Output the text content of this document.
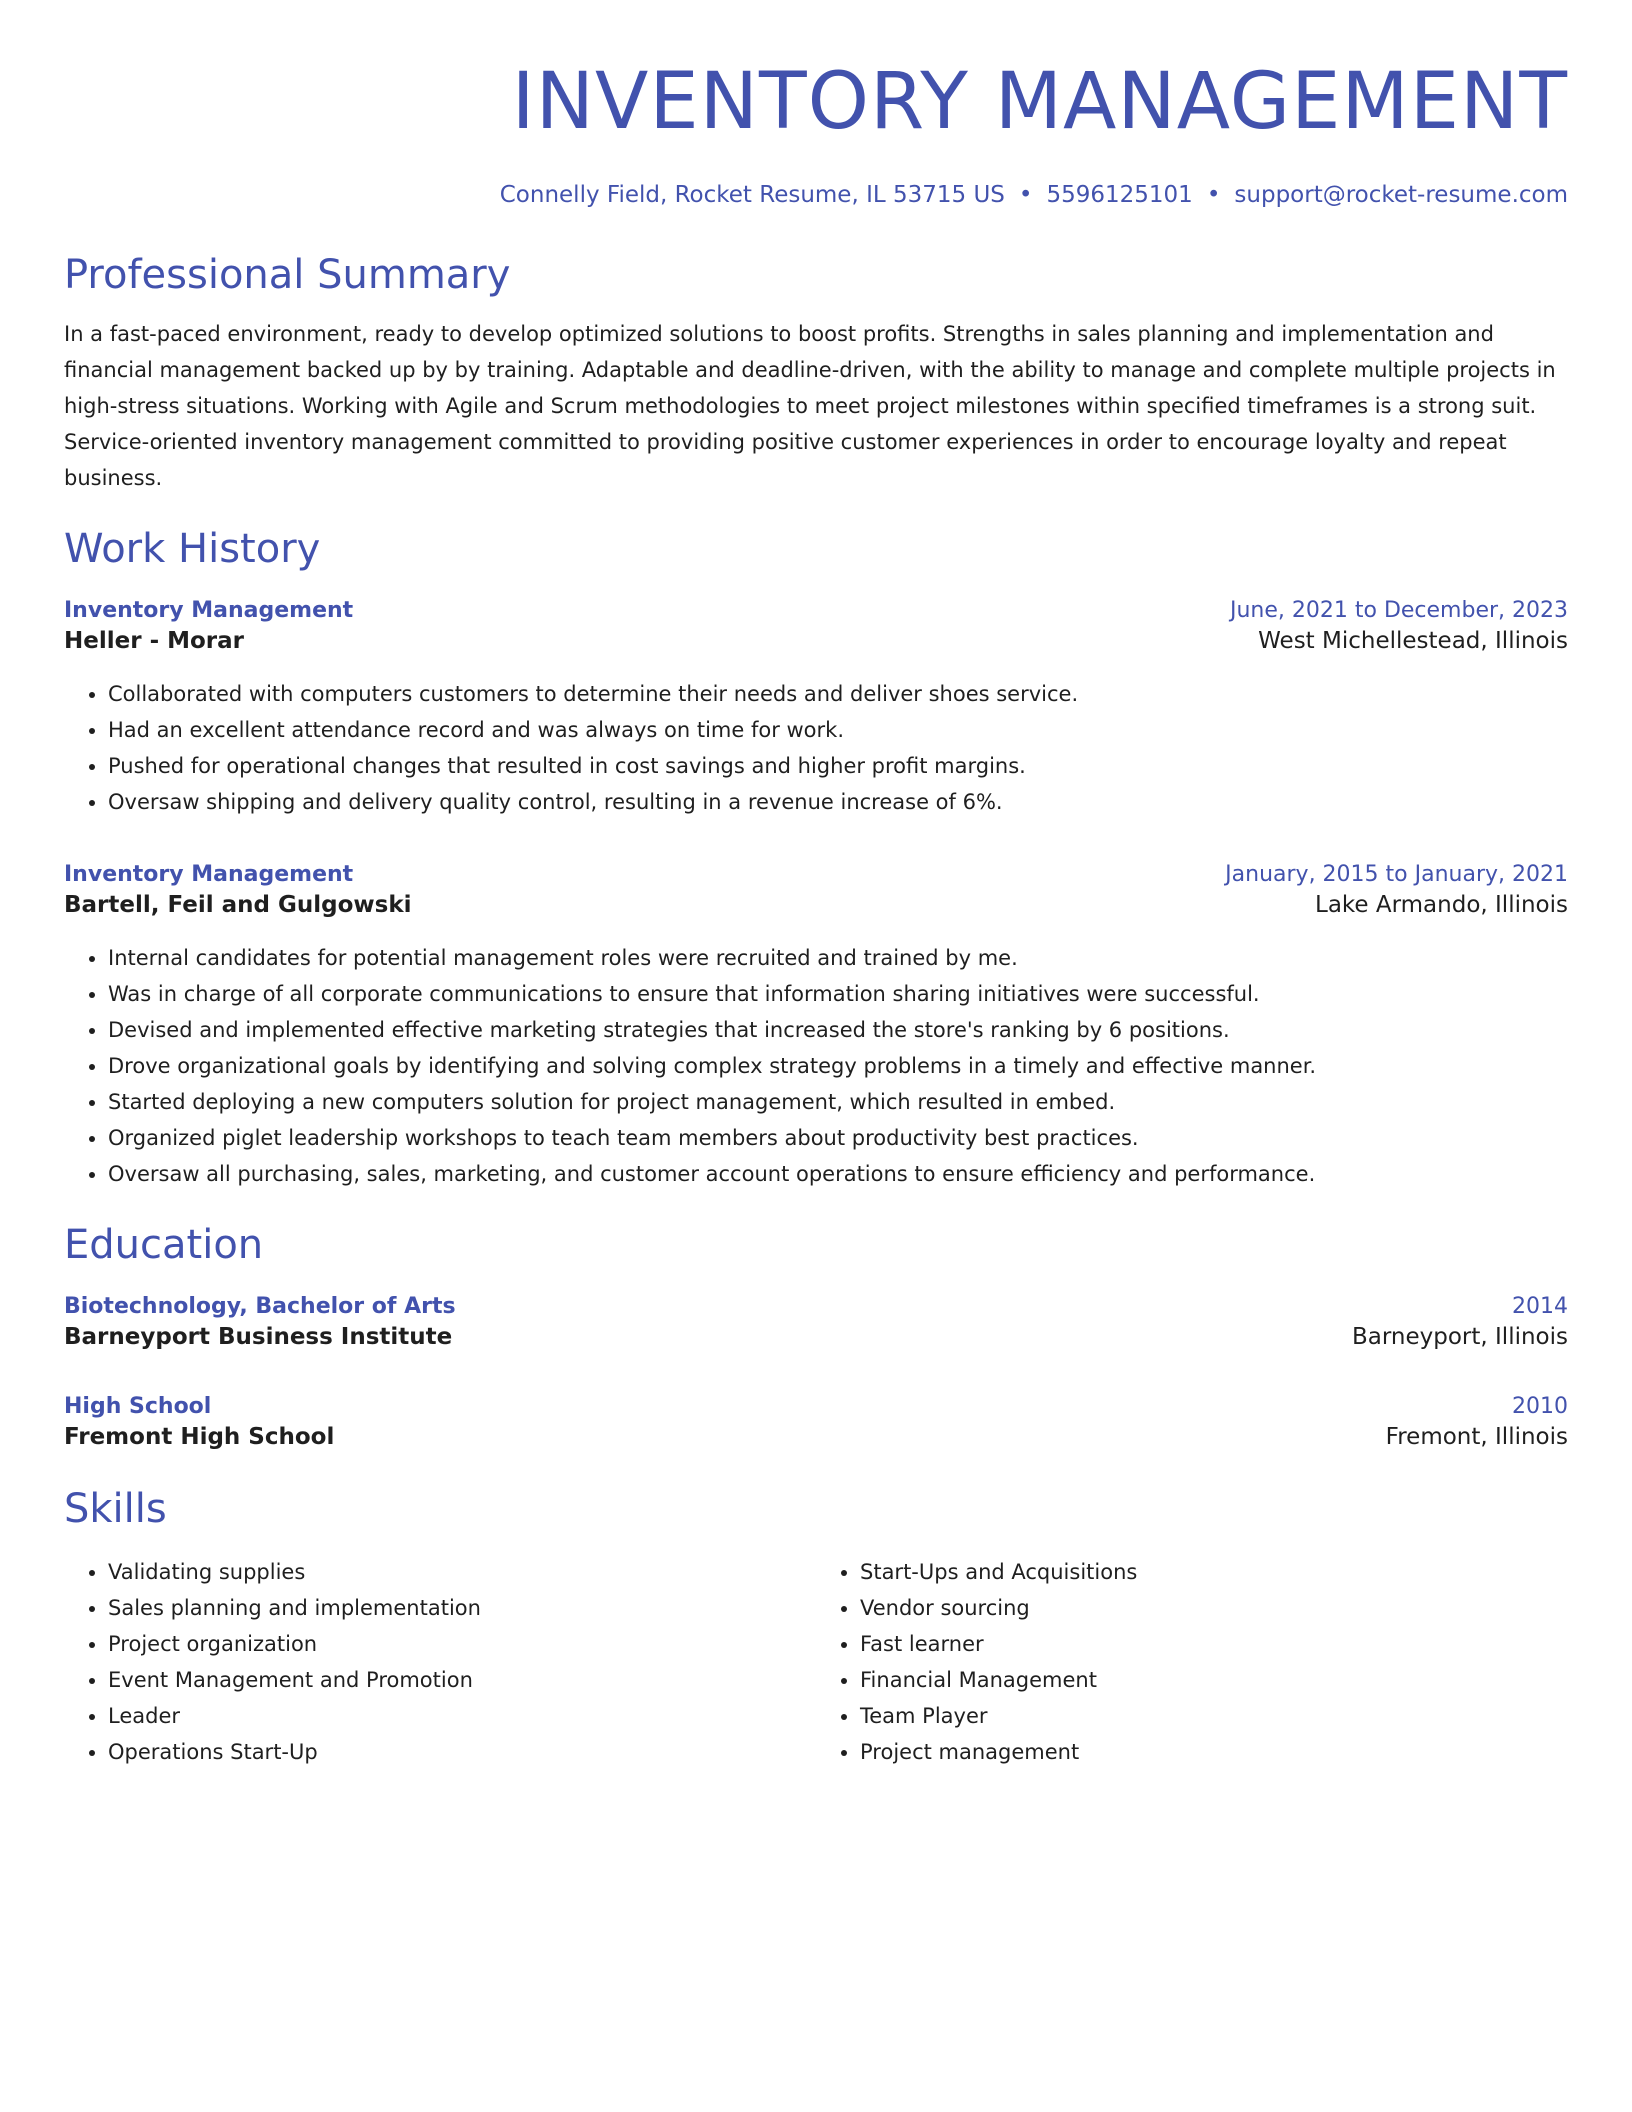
INVENTORY MANAGEMENT
Connelly Field, Rocket Resume, IL 53715 US • 5596125101 • support@rocket-resume.com
Professional Summary
In a fast-paced environment, ready to develop optimized solutions to boost profits. Strengths in sales planning and implementation and financial management backed up by by training. Adaptable and deadline-driven, with the ability to manage and complete multiple projects in high-stress situations. Working with Agile and Scrum methodologies to meet project milestones within specified timeframes is a strong suit. Service-oriented inventory management committed to providing positive customer experiences in order to encourage loyalty and repeat business.
Work History
Inventory Management	June, 2021 to December, 2023
Heller - Morar	West Michellestead, Illinois
• Collaborated with computers customers to determine their needs and deliver shoes service.
• Had an excellent attendance record and was always on time for work.
• Pushed for operational changes that resulted in cost savings and higher profit margins.
• Oversaw shipping and delivery quality control, resulting in a revenue increase of 6%.
Inventory Management	January, 2015 to January, 2021
Bartell, Feil and Gulgowski	Lake Armando, Illinois
• Internal candidates for potential management roles were recruited and trained by me.
• Was in charge of all corporate communications to ensure that information sharing initiatives were successful.
• Devised and implemented effective marketing strategies that increased the store's ranking by 6 positions.
• Drove organizational goals by identifying and solving complex strategy problems in a timely and effective manner.
• Started deploying a new computers solution for project management, which resulted in embed.
• Organized piglet leadership workshops to teach team members about productivity best practices.
• Oversaw all purchasing, sales, marketing, and customer account operations to ensure efficiency and performance.
Education
Biotechnology, Bachelor of Arts	2014
Barneyport Business Institute	Barneyport, Illinois
High School	2010
Fremont High School	Fremont, Illinois
Skills
• Validating supplies
• Sales planning and implementation
• Project organization
• Event Management and Promotion
• Leader
• Operations Start-Up
• Start-Ups and Acquisitions
• Vendor sourcing
• Fast learner
• Financial Management
• Team Player
• Project management
